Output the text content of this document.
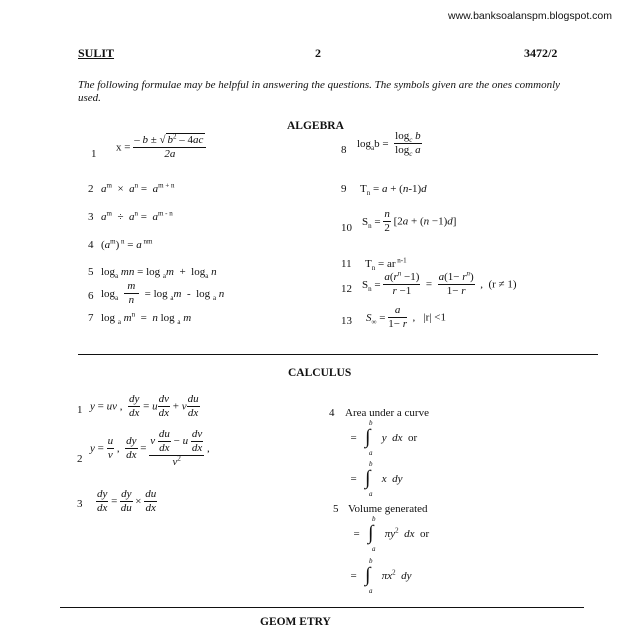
www.banksoalanspm.blogspot.com
SULIT	2	3472/2
The following formulae may be helpful in answering the questions. The symbols given are the ones commonly used.
ALGEBRA
1
$x = \frac{- b \pm √ b^2 - 4ac}{2a}$
2 $a^m \times a^n = a^{m + n}$
3 $a^m \div a^n = a^{m - n}$
4 $(a^m) ^n = a$ $^{nm}$
5 $\log_a$ mn = $\log _am + \log_a n$
6 $\log_a \frac{m}{n} = \log _am - \log _a$ n
7 log $_a$ $m^n = n$ log $_a$ m
8
$\log_ab = \frac{\log_c b}{\log_c a}$
9 $T_n = a + (n-1)d$
10
$S_n = \frac{n}{2} [2a + (n -1)d]$
11 $T_n$ = ar $^{n-1}$
12 $S_n = \frac{a(r^n -1)}{r -1} = \frac{a(1- r^n)}{1- r}$ ,  (r ≠ 1)
13 $S_\infty = \frac{a}{1- r}$ ,   |r| <1
CALCULUS
1 y = uv , $\frac{dy}{dx} = u \frac{dv}{dx} + v \frac{du}{dx}$
2
$y = \frac{u}{v}$ , $\frac{dy}{dx} = \frac{v \frac{du}{dx} - u \frac{dv}{dx}}{v^2}$ ,
$3 \frac{dy}{dx} = \frac{dy}{du} \times \frac{du}{dx}$
4 Area under a curve
=
b
∫
a
y dx or
=
b
∫
a
x dy
5 Volume generated
=
b
∫
a
$\pi y^2$ dx or
=
b
∫
a
$\pi x^2$ dy
GEOM ETRY
